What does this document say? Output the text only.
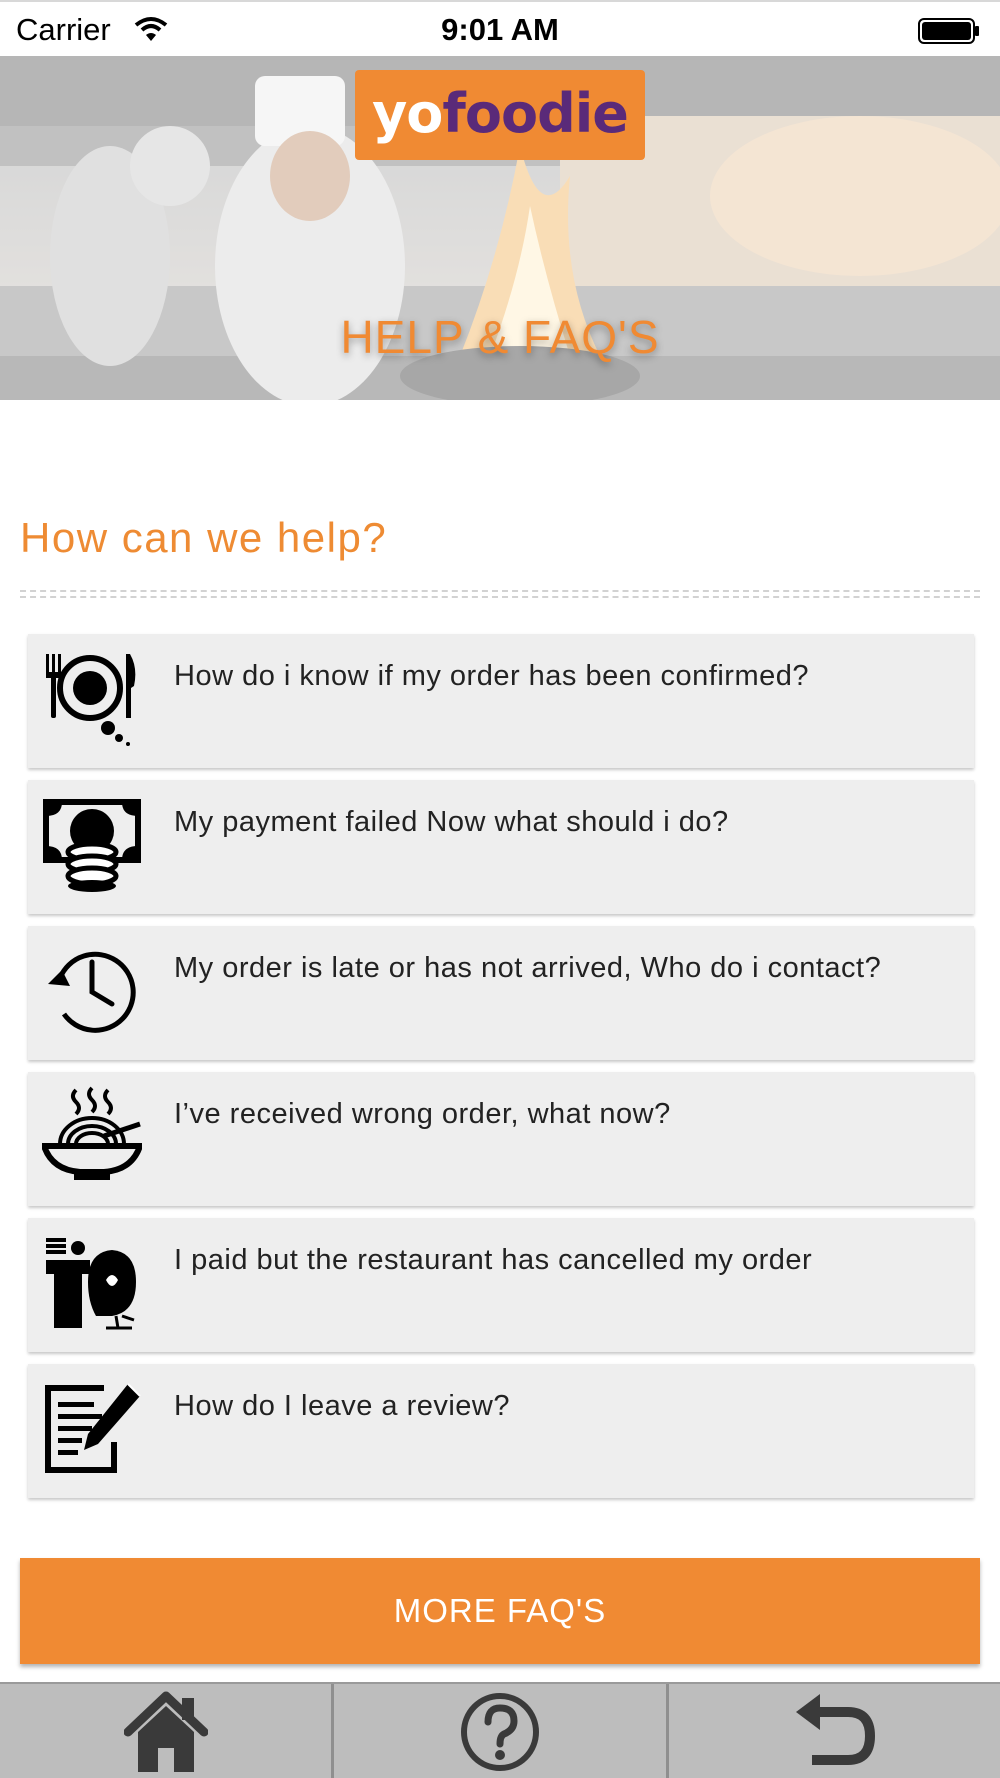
Carrier	9:01 AM
yofoodie
HELP & FAQ'S
How can we help?
How do i know if my order has been confirmed?
My payment failed Now what should i do?
My order is late or has not arrived, Who do i contact?
I’ve received wrong order, what now?
I paid but the restaurant has cancelled my order
How do I leave a review?
MORE FAQ'S
